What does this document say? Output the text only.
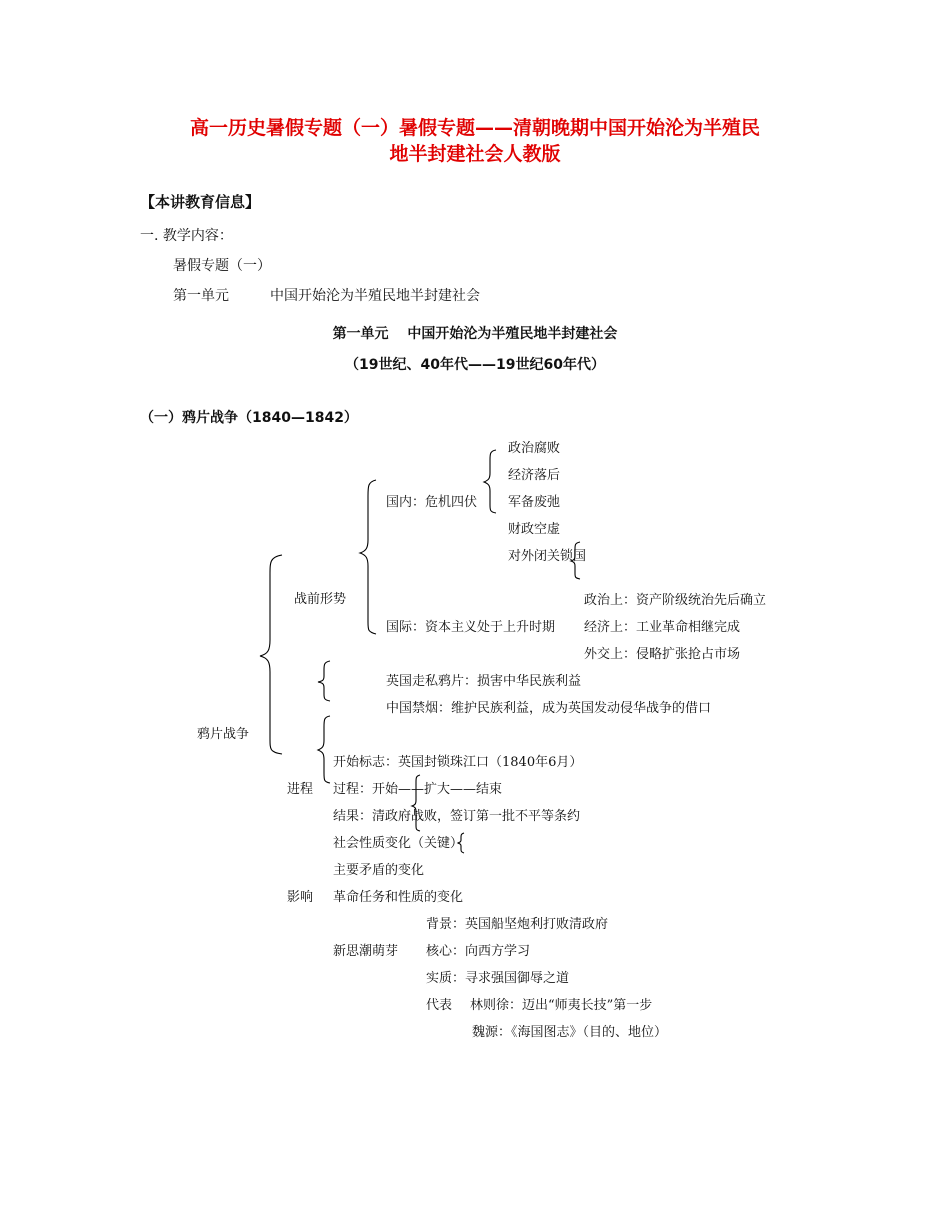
高一历史暑假专题（一）暑假专题——清朝晚期中国开始沦为半殖民
地半封建社会人教版
【本讲教育信息】
一. 教学内容：
暑假专题（一）
第一单元	中国开始沦为半殖民地半封建社会
第一单元　 中国开始沦为半殖民地半封建社会
（19世纪、40年代——19世纪60年代）
（一）鸦片战争（1840—1842）
鸦片战争
战前形势
国内：危机四伏
政治腐败
经济落后
军备废弛
财政空虚
对外闭关锁国
国际：资本主义处于上升时期
政治上：资产阶级统治先后确立
经济上：工业革命相继完成
外交上：侵略扩张抢占市场
英国走私鸦片：损害中华民族利益
中国禁烟：维护民族利益，成为英国发动侵华战争的借口
进程
开始标志：英国封锁珠江口（1840年6月）
过程：开始——扩大——结束
结果：清政府战败，签订第一批不平等条约
社会性质变化（关键）
主要矛盾的变化
影响 革命任务和性质的变化
新思潮萌芽
背景：英国船坚炮利打败清政府
核心：向西方学习
实质：寻求强国御辱之道
代表 林则徐：迈出“师夷长技”第一步
魏源：《海国图志》（目的、地位）
